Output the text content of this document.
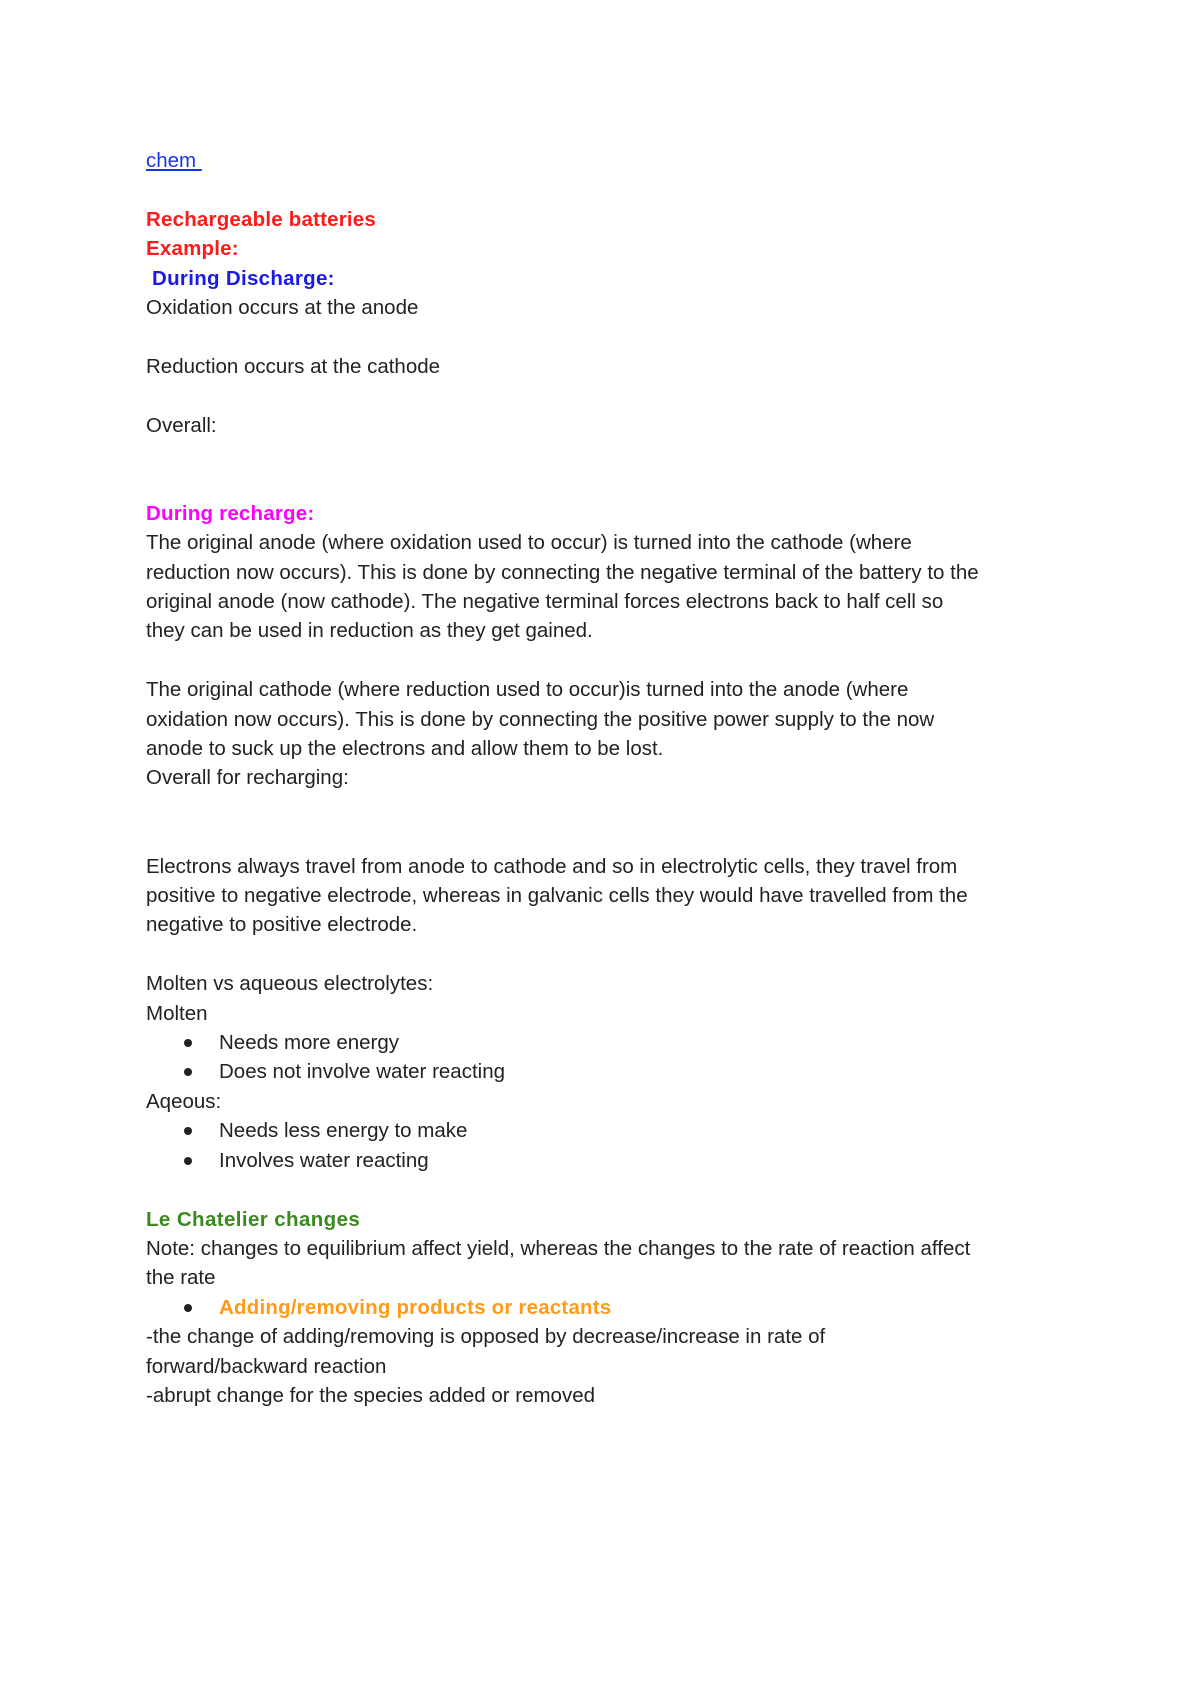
chem
Rechargeable batteries
Example:
During Discharge:
Oxidation occurs at the anode
Reduction occurs at the cathode
Overall:
During recharge:
The original anode (where oxidation used to occur) is turned into the cathode (where
reduction now occurs). This is done by connecting the negative terminal of the battery to the
original anode (now cathode). The negative terminal forces electrons back to half cell so
they can be used in reduction as they get gained.
The original cathode (where reduction used to occur)is turned into the anode (where
oxidation now occurs). This is done by connecting the positive power supply to the now
anode to suck up the electrons and allow them to be lost.
Overall for recharging:
Electrons always travel from anode to cathode and so in electrolytic cells, they travel from
positive to negative electrode, whereas in galvanic cells they would have travelled from the
negative to positive electrode.
Molten vs aqueous electrolytes:
Molten
Needs more energy
Does not involve water reacting
Aqeous:
Needs less energy to make
Involves water reacting
Le Chatelier changes
Note: changes to equilibrium affect yield, whereas the changes to the rate of reaction affect
the rate
Adding/removing products or reactants
-the change of adding/removing is opposed by decrease/increase in rate of
forward/backward reaction
-abrupt change for the species added or removed
